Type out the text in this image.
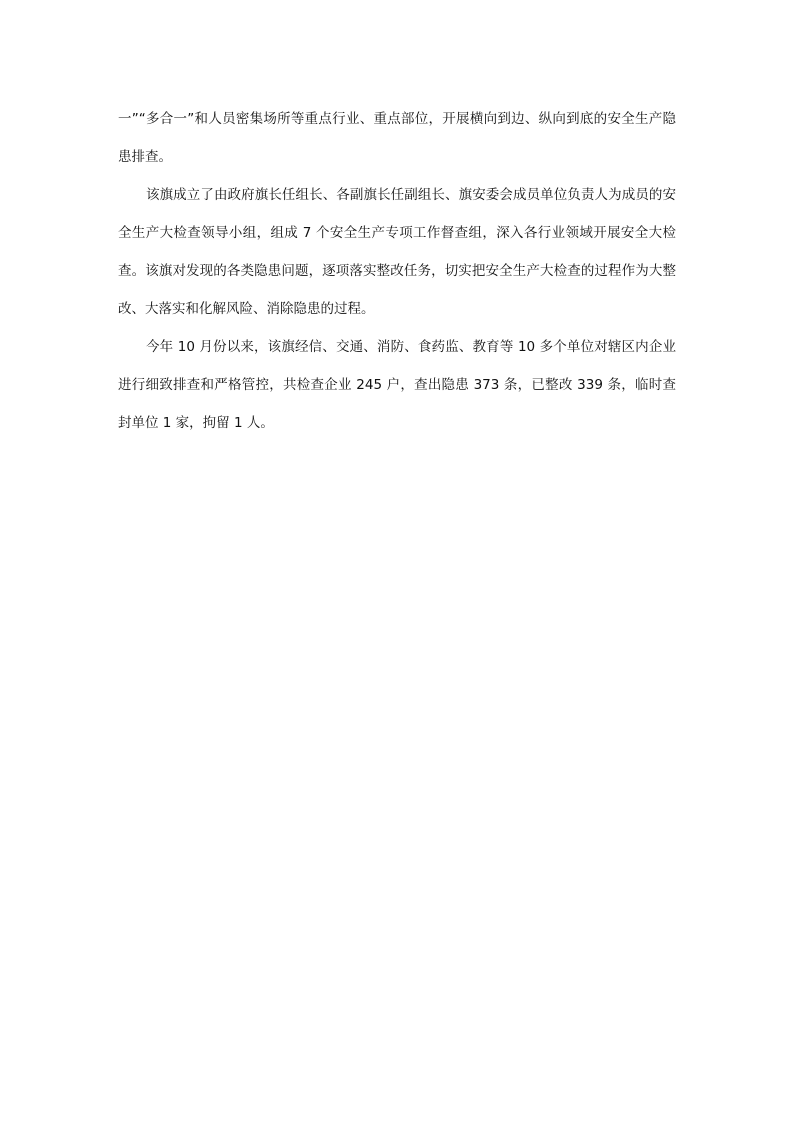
一”“多合一”和人员密集场所等重点行业、重点部位，开展横向到边、纵向到底的安全生产隐患排查。

该旗成立了由政府旗长任组长、各副旗长任副组长、旗安委会成员单位负责人为成员的安全生产大检查领导小组，组成 7 个安全生产专项工作督查组，深入各行业领域开展安全大检查。该旗对发现的各类隐患问题，逐项落实整改任务，切实把安全生产大检查的过程作为大整改、大落实和化解风险、消除隐患的过程。

今年 10 月份以来，该旗经信、交通、消防、食药监、教育等 10 多个单位对辖区内企业进行细致排查和严格管控，共检查企业 245 户，查出隐患 373 条，已整改 339 条，临时查封单位 1 家，拘留 1 人。
